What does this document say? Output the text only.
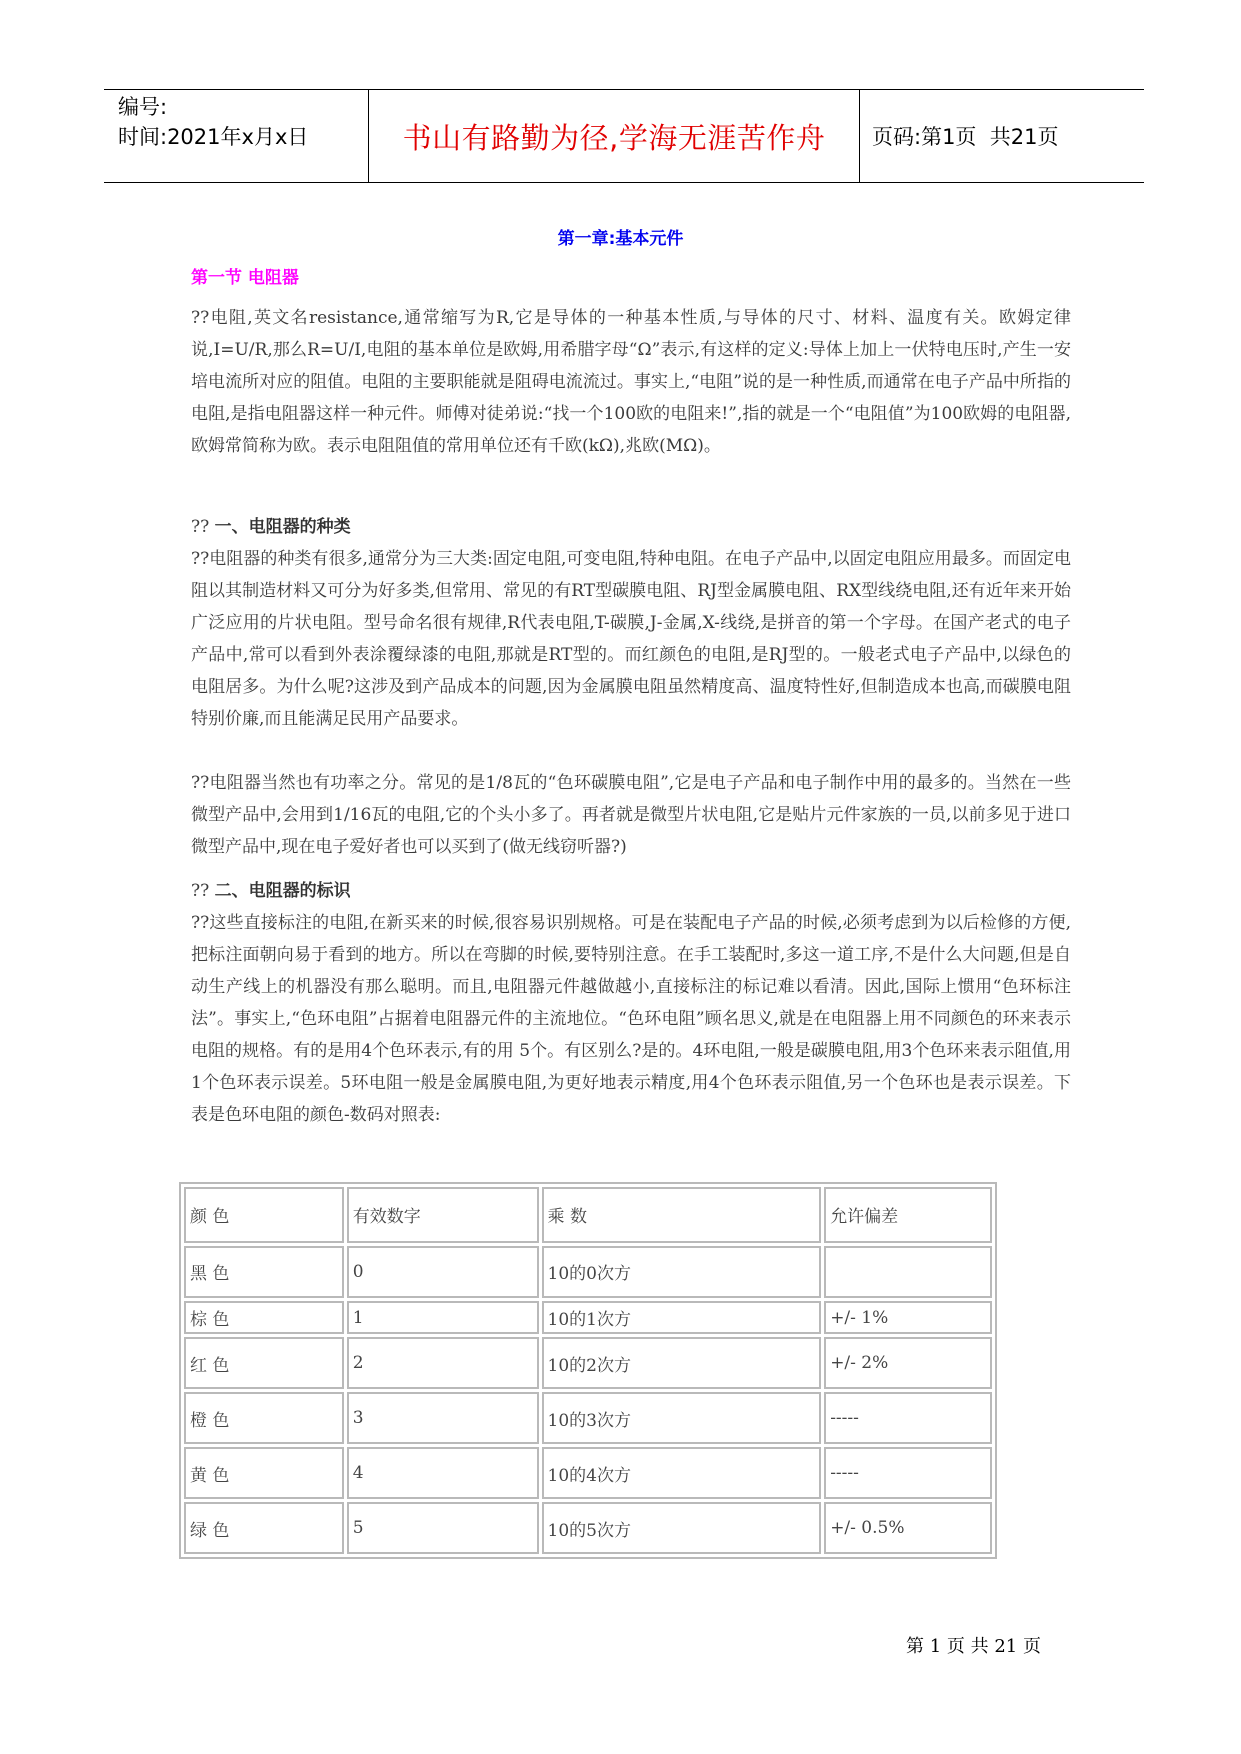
编号:
时间:2021年x月x日	书山有路勤为径,学海无涯苦作舟	页码:第1页  共21页
第一章:基本元件
第一节 电阻器
??电阻,英文名resistance,通常缩写为R,它是导体的一种基本性质,与导体的尺寸、材料、温度有关。欧姆定律说,I=U/R,那么R=U/I,电阻的基本单位是欧姆,用希腊字母“Ω”表示,有这样的定义:导体上加上一伏特电压时,产生一安培电流所对应的阻值。电阻的主要职能就是阻碍电流流过。事实上,“电阻”说的是一种性质,而通常在电子产品中所指的电阻,是指电阻器这样一种元件。师傅对徒弟说:“找一个100欧的电阻来!”,指的就是一个“电阻值”为100欧姆的电阻器,欧姆常简称为欧。表示电阻阻值的常用单位还有千欧(kΩ),兆欧(MΩ)。
?? 一、电阻器的种类
??电阻器的种类有很多,通常分为三大类:固定电阻,可变电阻,特种电阻。在电子产品中,以固定电阻应用最多。而固定电阻以其制造材料又可分为好多类,但常用、常见的有RT型碳膜电阻、RJ型金属膜电阻、RX型线绕电阻,还有近年来开始广泛应用的片状电阻。型号命名很有规律,R代表电阻,T-碳膜,J-金属,X-线绕,是拼音的第一个字母。在国产老式的电子产品中,常可以看到外表涂覆绿漆的电阻,那就是RT型的。而红颜色的电阻,是RJ型的。一般老式电子产品中,以绿色的电阻居多。为什么呢?这涉及到产品成本的问题,因为金属膜电阻虽然精度高、温度特性好,但制造成本也高,而碳膜电阻特别价廉,而且能满足民用产品要求。
??电阻器当然也有功率之分。常见的是1/8瓦的“色环碳膜电阻”,它是电子产品和电子制作中用的最多的。当然在一些微型产品中,会用到1/16瓦的电阻,它的个头小多了。再者就是微型片状电阻,它是贴片元件家族的一员,以前多见于进口微型产品中,现在电子爱好者也可以买到了(做无线窃听器?)
?? 二、电阻器的标识
??这些直接标注的电阻,在新买来的时候,很容易识别规格。可是在装配电子产品的时候,必须考虑到为以后检修的方便,把标注面朝向易于看到的地方。所以在弯脚的时候,要特别注意。在手工装配时,多这一道工序,不是什么大问题,但是自动生产线上的机器没有那么聪明。而且,电阻器元件越做越小,直接标注的标记难以看清。因此,国际上惯用“色环标注法”。事实上,“色环电阻”占据着电阻器元件的主流地位。“色环电阻”顾名思义,就是在电阻器上用不同颜色的环来表示电阻的规格。有的是用4个色环表示,有的用 5个。有区别么?是的。4环电阻,一般是碳膜电阻,用3个色环来表示阻值,用 1个色环表示误差。5环电阻一般是金属膜电阻,为更好地表示精度,用4个色环表示阻值,另一个色环也是表示误差。下表是色环电阻的颜色-数码对照表:
颜 色	有效数字	乘 数	允许偏差
黑 色	0	10的0次方	
棕 色	1	10的1次方	+/- 1%
红 色	2	10的2次方	+/- 2%
橙 色	3	10的3次方	-----
黄 色	4	10的4次方	-----
绿 色	5	10的5次方	+/- 0.5%
第 1 页 共 21 页
